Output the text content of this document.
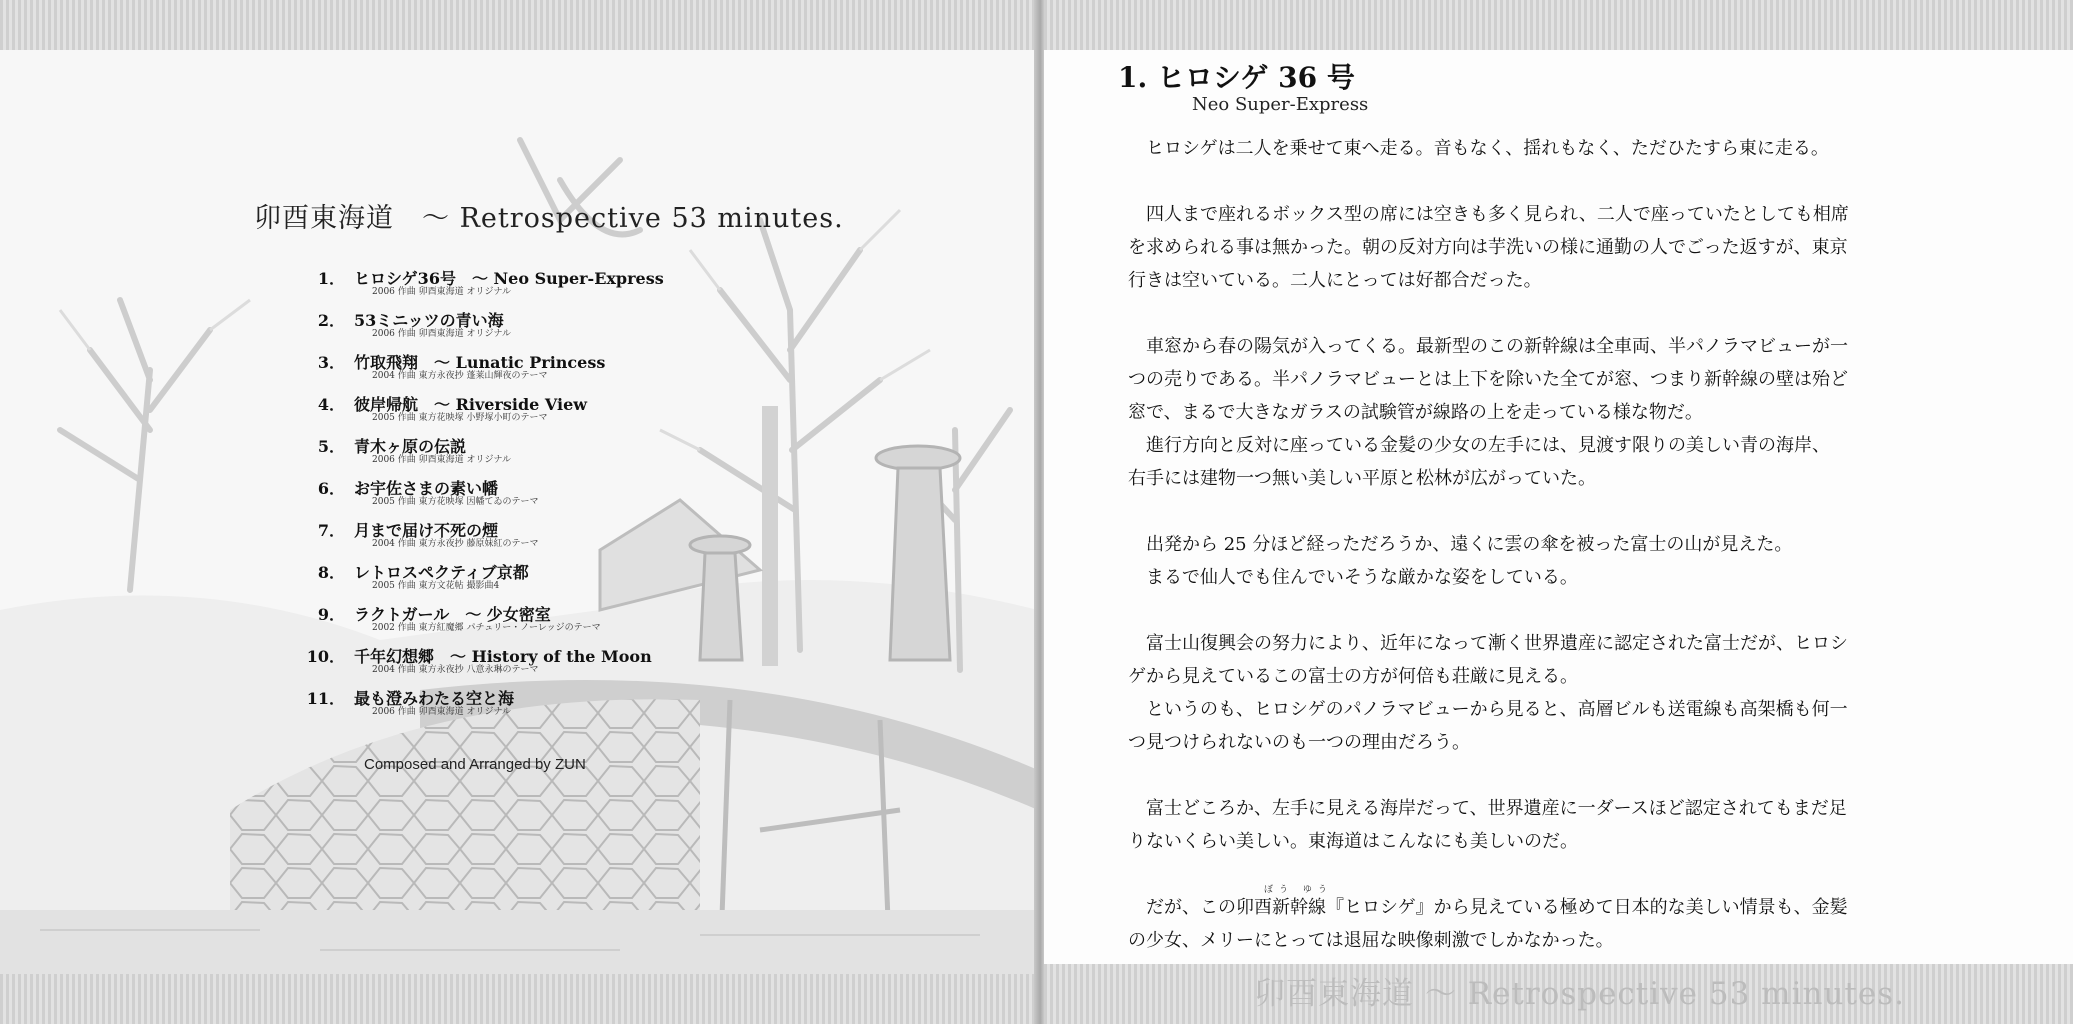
卯酉東海道　～ Retrospective 53 minutes.
1． ヒロシゲ36号　～ Neo Super-Express
2006 作曲 卯酉東海道 オリジナル
2． 53ミニッツの青い海
2006 作曲 卯酉東海道 オリジナル
3． 竹取飛翔　～ Lunatic Princess
2004 作曲 東方永夜抄 蓬莱山輝夜のテーマ
4． 彼岸帰航　～ Riverside View
2005 作曲 東方花映塚 小野塚小町のテーマ
5． 青木ヶ原の伝説
2006 作曲 卯酉東海道 オリジナル
6． お宇佐さまの素い幡
2005 作曲 東方花映塚 因幡てゐのテーマ
7． 月まで届け不死の煙
2004 作曲 東方永夜抄 藤原妹紅のテーマ
8． レトロスペクティブ京都
2005 作曲 東方文花帖 撮影曲4
9． ラクトガール　～ 少女密室
2002 作曲 東方紅魔郷 パチュリー・ノーレッジのテーマ
10． 千年幻想郷　～ History of the Moon
2004 作曲 東方永夜抄 八意永琳のテーマ
11． 最も澄みわたる空と海
2006 作曲 卯酉東海道 オリジナル
Composed and Arranged by ZUN
1. ヒロシゲ 36 号
Neo Super-Express
ヒロシゲは二人を乗せて東へ走る。音もなく、揺れもなく、ただひたすら東に走る。
四人まで座れるボックス型の席には空きも多く見られ、二人で座っていたとしても相席
を求められる事は無かった。朝の反対方向は芋洗いの様に通勤の人でごった返すが、東京
行きは空いている。二人にとっては好都合だった。
車窓から春の陽気が入ってくる。最新型のこの新幹線は全車両、半パノラマビューが一
つの売りである。半パノラマビューとは上下を除いた全てが窓、つまり新幹線の壁は殆ど
窓で、まるで大きなガラスの試験管が線路の上を走っている様な物だ。
進行方向と反対に座っている金髪の少女の左手には、見渡す限りの美しい青の海岸、
右手には建物一つ無い美しい平原と松林が広がっていた。
出発から 25 分ほど経っただろうか、遠くに雲の傘を被った富士の山が見えた。
まるで仙人でも住んでいそうな厳かな姿をしている。
富士山復興会の努力により、近年になって漸く世界遺産に認定された富士だが、ヒロシ
ゲから見えているこの富士の方が何倍も荘厳に見える。
というのも、ヒロシゲのパノラマビューから見ると、高層ビルも送電線も高架橋も何一
つ見つけられないのも一つの理由だろう。
富士どころか、左手に見える海岸だって、世界遺産に一ダースほど認定されてもまだ足
りないくらい美しい。東海道はこんなにも美しいのだ。
だが、この卯酉新幹線『ヒロシゲ』から見えている極めて日本的な美しい情景も、金髪
の少女、メリーにとっては退屈な映像刺激でしかなかった。
ぼう ゆう
卯酉東海道 ～ Retrospective 53 minutes.
